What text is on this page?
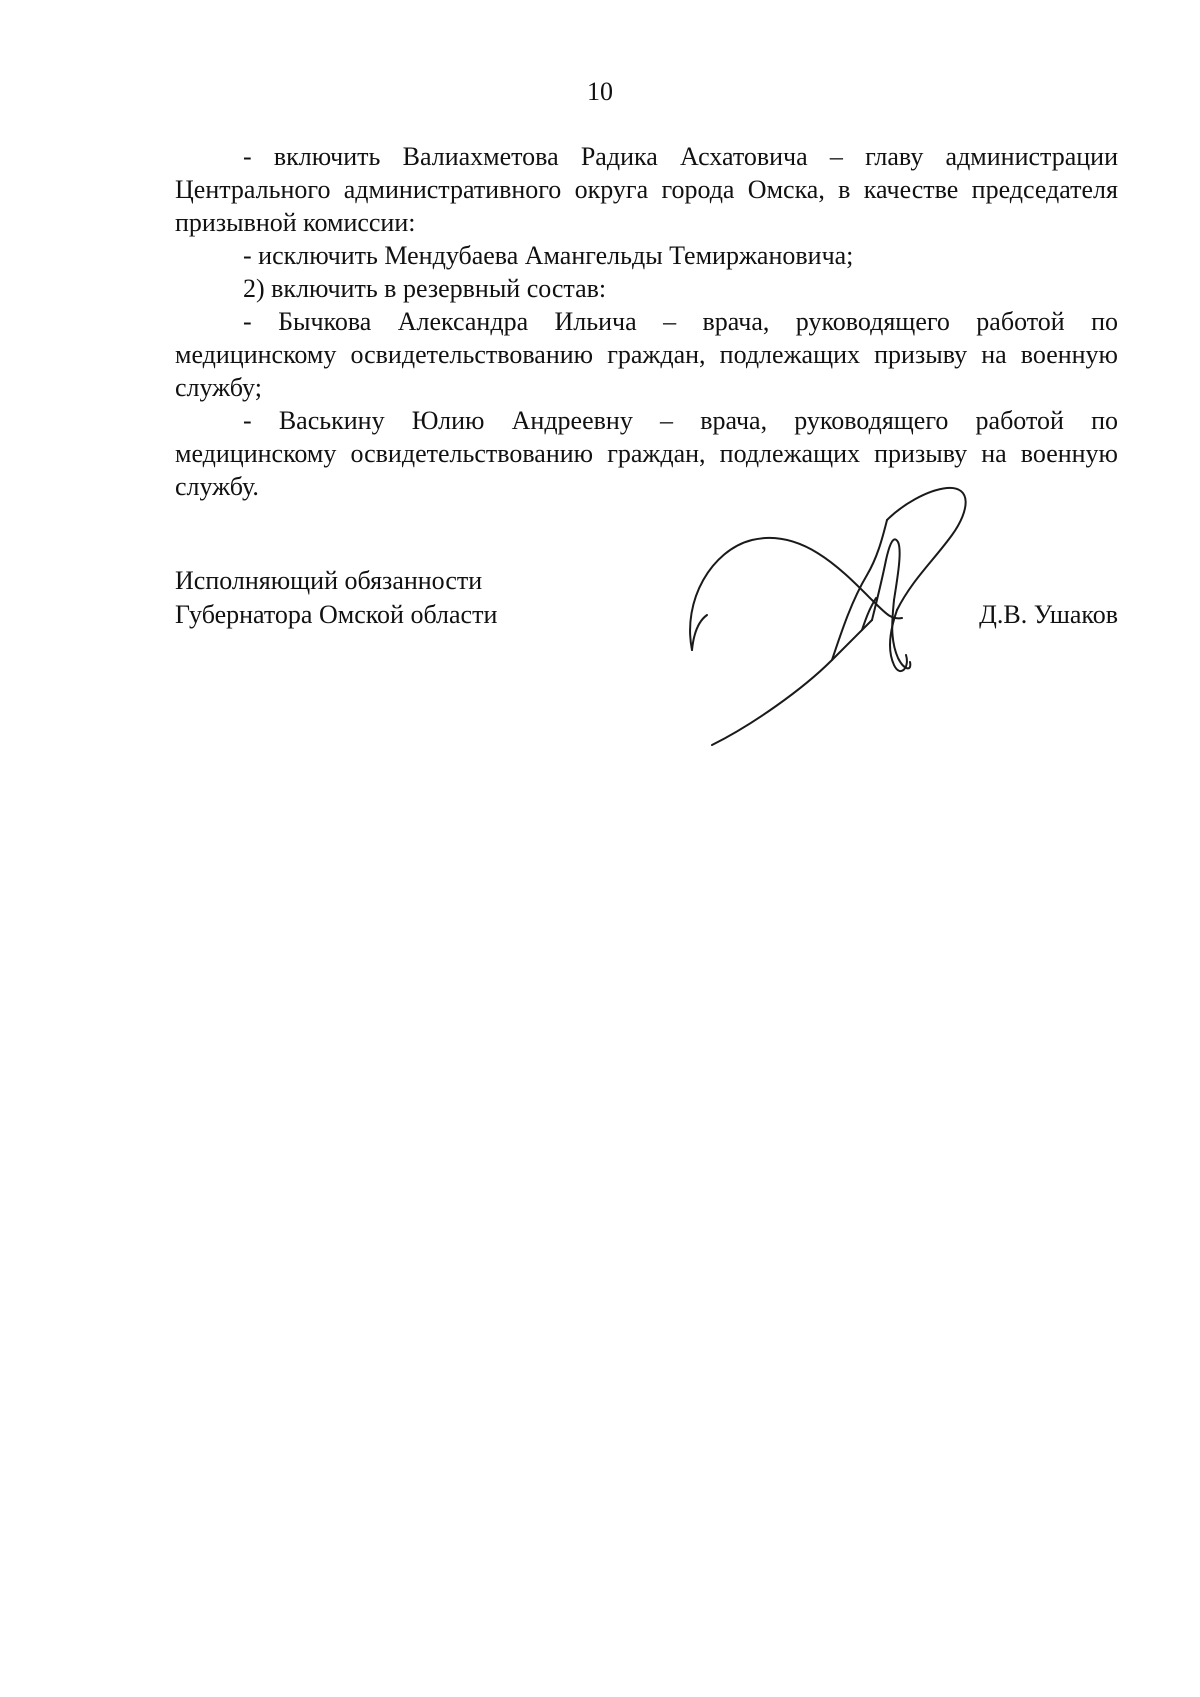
10

- включить Валиахметова Радика Асхатовича – главу администрации Центрального административного округа города Омска, в качестве председателя призывной комиссии:

- исключить Мендубаева Амангельды Темиржановича;

2) включить в резервный состав:

- Бычкова Александра Ильича – врача, руководящего работой по медицинскому освидетельствованию граждан, подлежащих призыву на военную службу;

- Васькину Юлию Андреевну – врача, руководящего работой по медицинскому освидетельствованию граждан, подлежащих призыву на военную службу.

Исполняющий обязанности
Губернатора Омской области	Д.В. Ушаков
